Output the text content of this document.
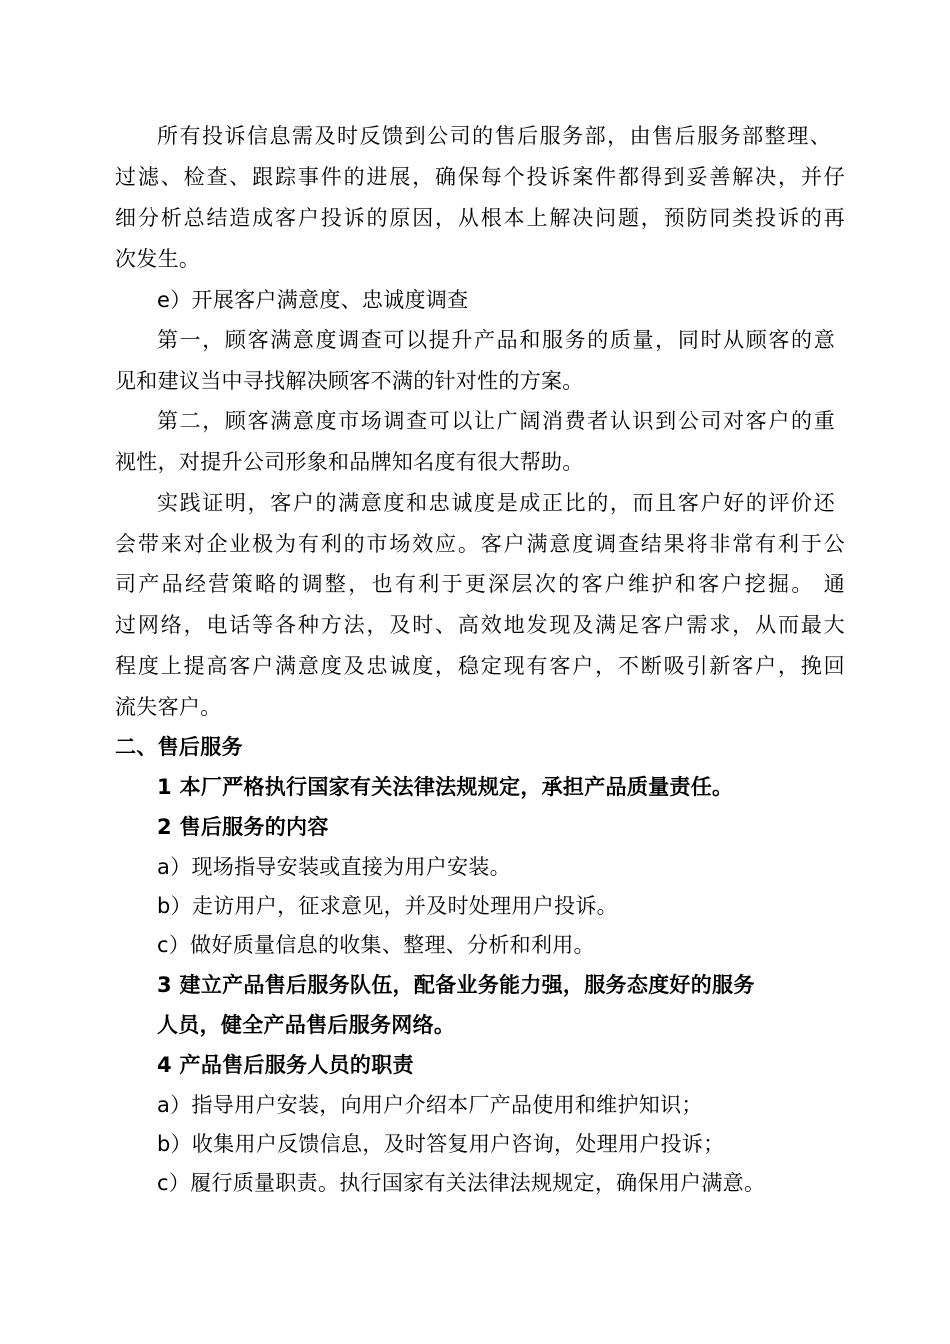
所有投诉信息需及时反馈到公司的售后服务部，由售后服务部整理、
过滤、检查、跟踪事件的进展，确保每个投诉案件都得到妥善解决，并仔
细分析总结造成客户投诉的原因，从根本上解决问题，预防同类投诉的再
次发生。
e）开展客户满意度、忠诚度调查
第一，顾客满意度调查可以提升产品和服务的质量，同时从顾客的意
见和建议当中寻找解决顾客不满的针对性的方案。
第二，顾客满意度市场调查可以让广阔消费者认识到公司对客户的重
视性，对提升公司形象和品牌知名度有很大帮助。
实践证明，客户的满意度和忠诚度是成正比的，而且客户好的评价还
会带来对企业极为有利的市场效应。客户满意度调查结果将非常有利于公
司产品经营策略的调整，也有利于更深层次的客户维护和客户挖掘。 通
过网络，电话等各种方法，及时、高效地发现及满足客户需求，从而最大
程度上提高客户满意度及忠诚度，稳定现有客户，不断吸引新客户，挽回
流失客户。
二、售后服务
1 本厂严格执行国家有关法律法规规定，承担产品质量责任。
2 售后服务的内容
a）现场指导安装或直接为用户安装。
b）走访用户，征求意见，并及时处理用户投诉。
c）做好质量信息的收集、整理、分析和利用。
3 建立产品售后服务队伍，配备业务能力强，服务态度好的服务
人员，健全产品售后服务网络。
4 产品售后服务人员的职责
a）指导用户安装，向用户介绍本厂产品使用和维护知识；
b）收集用户反馈信息，及时答复用户咨询，处理用户投诉；
c）履行质量职责。执行国家有关法律法规规定，确保用户满意。
